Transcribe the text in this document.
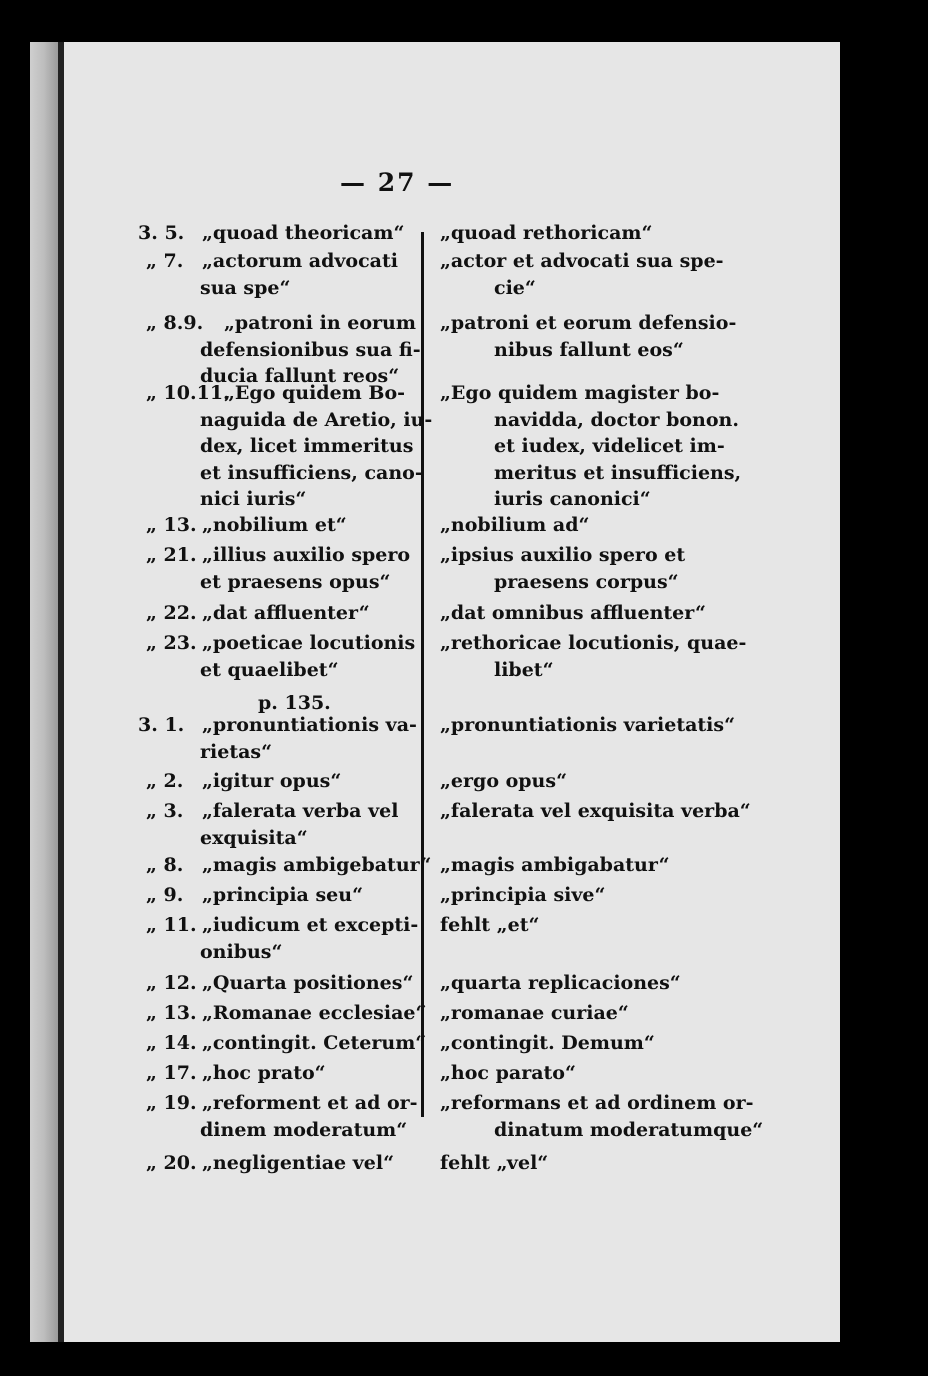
— 27 —
3. 5. „quoad theoricam“
„ 7. „actorum advocati
sua spe“
„ 8.9. „patroni in eorum
defensionibus sua fi-
ducia fallunt reos“
„ 10.11.
„Ego quidem Bo-
naguida de Aretio, iu-
dex, licet immeritus
et insufficiens, cano-
nici iuris“
„ 13. „nobilium et“
„ 21. „illius auxilio spero
et praesens opus“
„ 22. „dat affluenter“
„ 23. „poeticae locutionis
et quaelibet“
p. 135.
3. 1. „pronuntiationis va-
rietas“
„ 2. „igitur opus“
„ 3. „falerata verba vel
exquisita“
„ 8. „magis ambigebatur“
„ 9. „principia seu“
„ 11. „iudicum et excepti-
onibus“
„ 12. „Quarta positiones“
„ 13. „Romanae ecclesiae“
„ 14. „contingit. Ceterum“
„ 17. „hoc prato“
„ 19. „reforment et ad or-
dinem moderatum“
„ 20. „negligentiae vel“
„quoad rethoricam“
„actor et advocati sua spe-
cie“
„patroni et eorum defensio-
nibus fallunt eos“
„Ego quidem magister bo-
navidda, doctor bonon.
et iudex, videlicet im-
meritus et insufficiens,
iuris canonici“
„nobilium ad“
„ipsius auxilio spero et
praesens corpus“
„dat omnibus affluenter“
„rethoricae locutionis, quae-
libet“
„pronuntiationis varietatis“
„ergo opus“
„falerata vel exquisita verba“
„magis ambigabatur“
„principia sive“
fehlt „et“
„quarta replicaciones“
„romanae curiae“
„contingit. Demum“
„hoc parato“
„reformans et ad ordinem or-
dinatum moderatumque“
fehlt „vel“
